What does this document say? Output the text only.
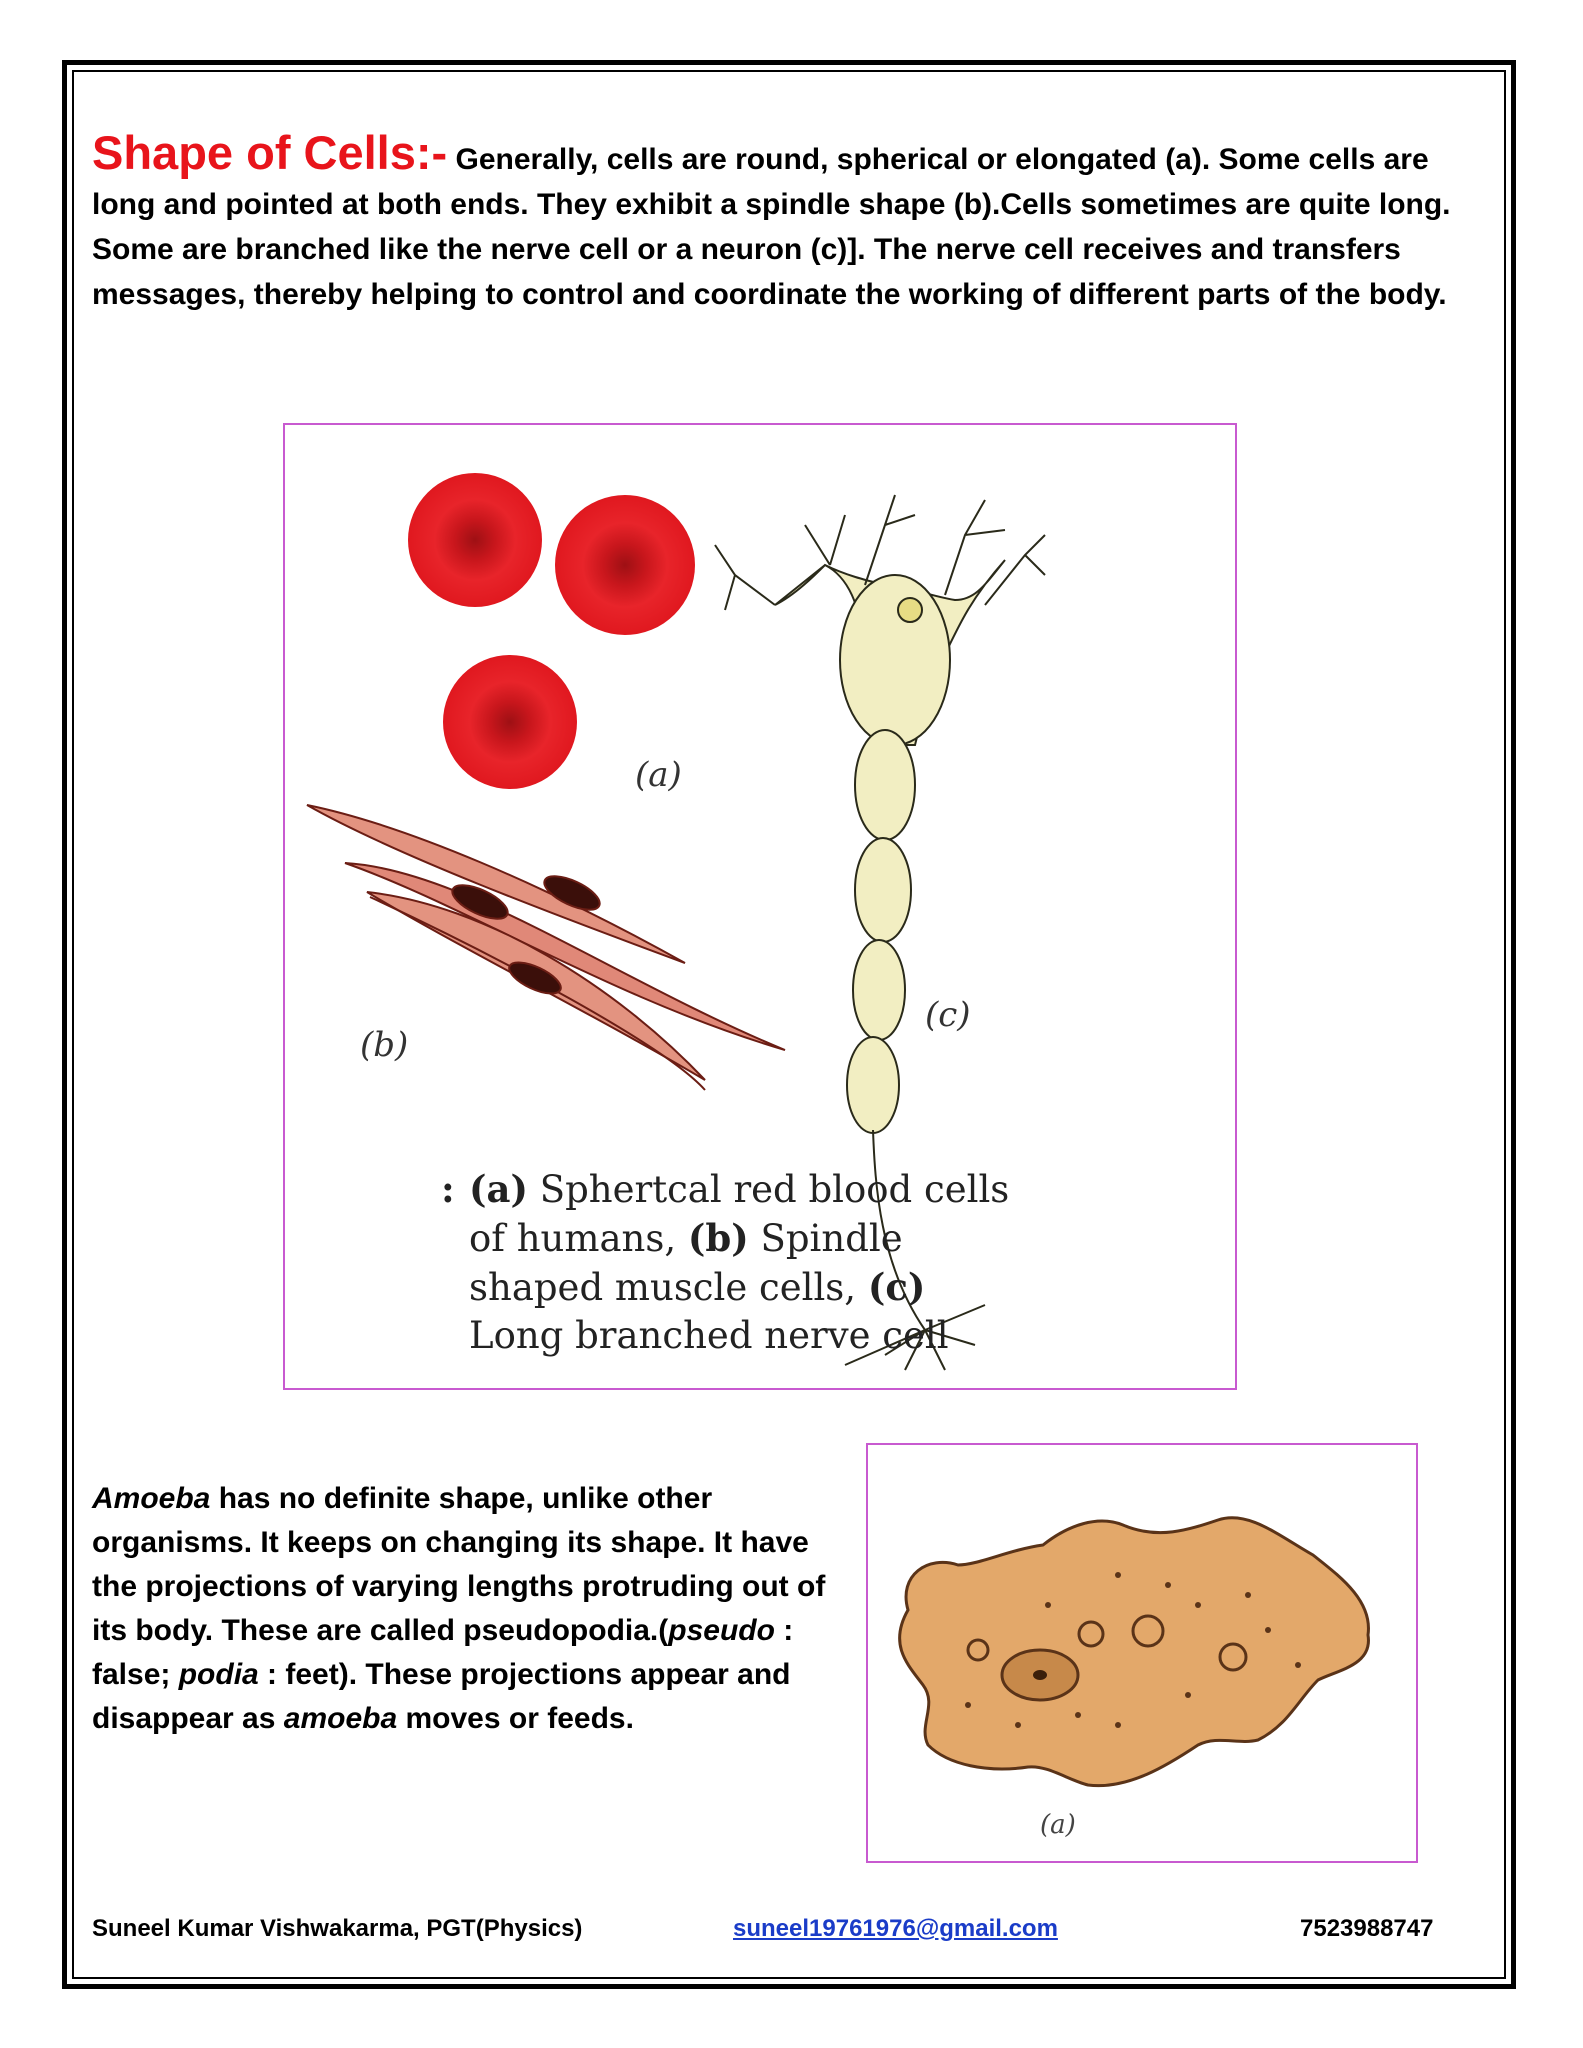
Shape of Cells:- Generally, cells are round, spherical or elongated (a). Some cells are long and pointed at both ends. They exhibit a spindle shape (b).Cells sometimes are quite long. Some are branched like the nerve cell or a neuron (c)]. The nerve cell receives and transfers messages, thereby helping to control and coordinate the working of different parts of the body.
(a)
(b)
(c)
: (a) Sphertcal red blood cells of humans, (b) Spindle shaped muscle cells, (c) Long branched nerve cell
Amoeba has no definite shape, unlike other organisms. It keeps on changing its shape. It have the projections of varying lengths protruding out of its body. These are called pseudopodia.(pseudo : false; podia : feet). These projections appear and disappear as amoeba moves or feeds.
(a)
Suneel Kumar Vishwakarma, PGT(Physics)	suneel19761976@gmail.com	7523988747
